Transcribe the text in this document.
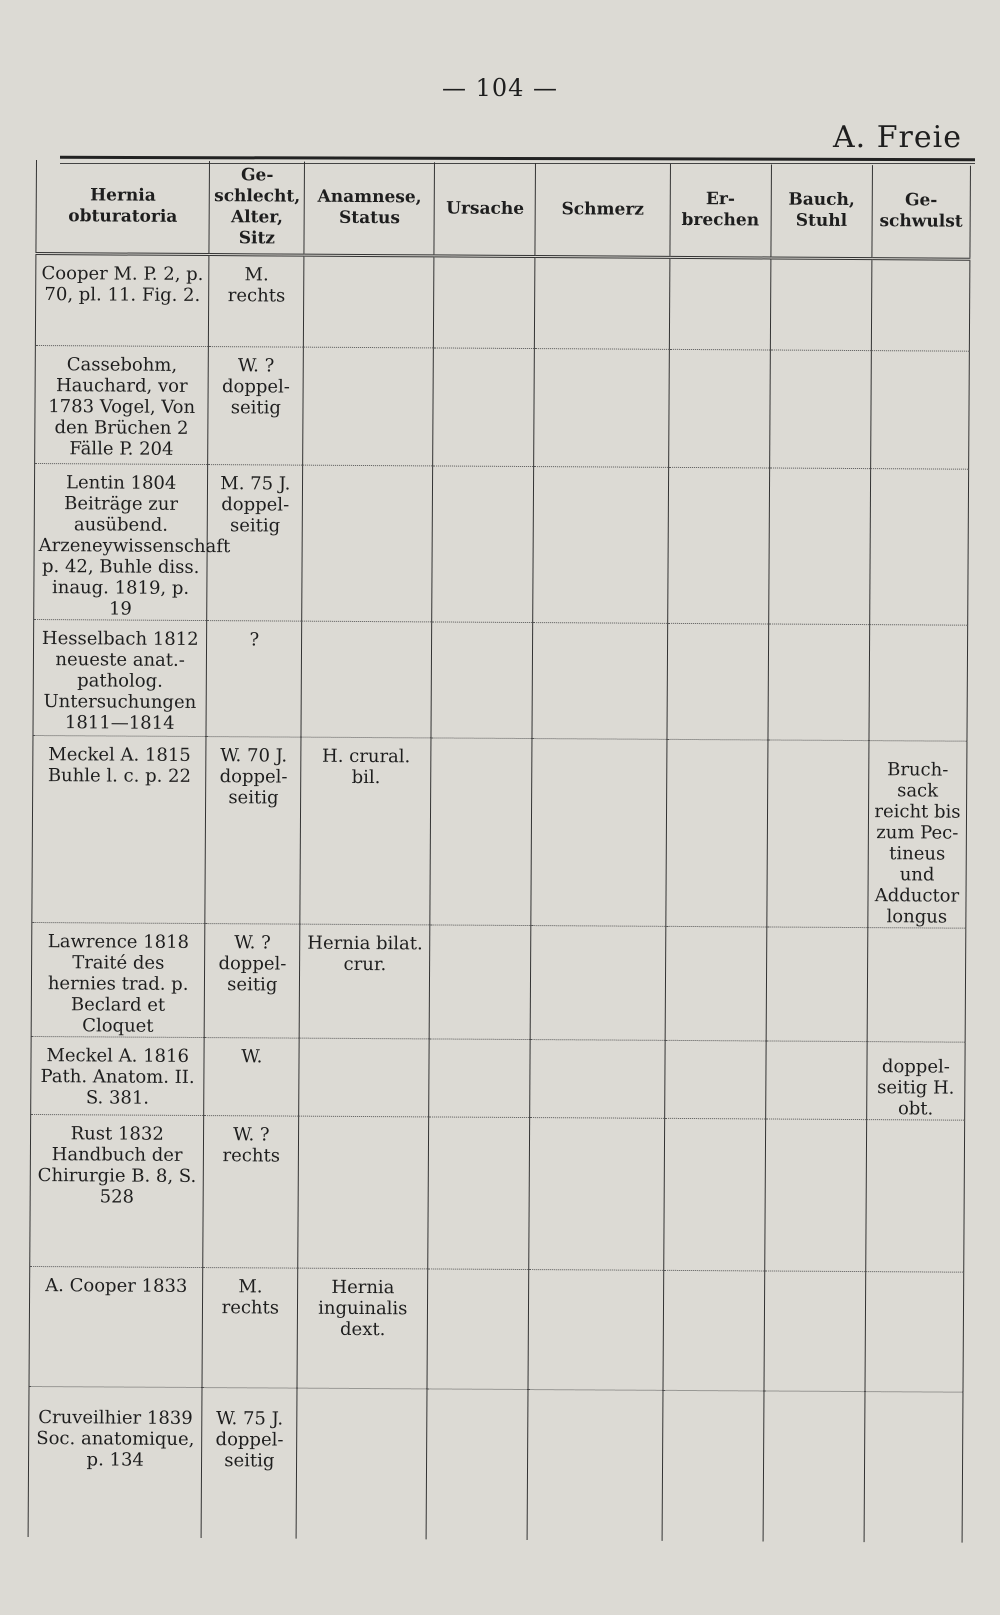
— 104 —
A. Freie

Hernia obturatoria	Ge- schlecht, Alter, Sitz	Anamnese, Status	Ursache	Schmerz	Er- brechen	Bauch, Stuhl	Ge- schwulst

Cooper M. P. 2, p. 70, pl. 11. Fig. 2.	M. rechts						

Cassebohm, Hauchard, vor 1783 Vogel, Von den Brüchen 2 Fälle P. 204	W. ? doppel- seitig						

Lentin 1804 Beiträge zur ausübend. Arzeneywissenschaft p. 42, Buhle diss. inaug. 1819, p. 19	M. 75 J. doppel- seitig						

Hesselbach 1812 neueste anat.-patholog. Untersuchungen 1811—1814	?						

Meckel A. 1815 Buhle l. c. p. 22	W. 70 J. doppel- seitig	H. crural. bil.					Bruch- sack reicht bis zum Pec- tineus und Adductor longus

Lawrence 1818 Traité des hernies trad. p. Beclard et Cloquet	W. ? doppel- seitig	Hernia bilat. crur.					

Meckel A. 1816 Path. Anatom. II. S. 381.	W.						doppel- seitig H. obt.

Rust 1832 Handbuch der Chirurgie B. 8, S. 528	W. ? rechts						

A. Cooper 1833	M. rechts	Hernia inguinalis dext.					

Cruveilhier 1839 Soc. anatomique, p. 134	W. 75 J. doppel- seitig						
